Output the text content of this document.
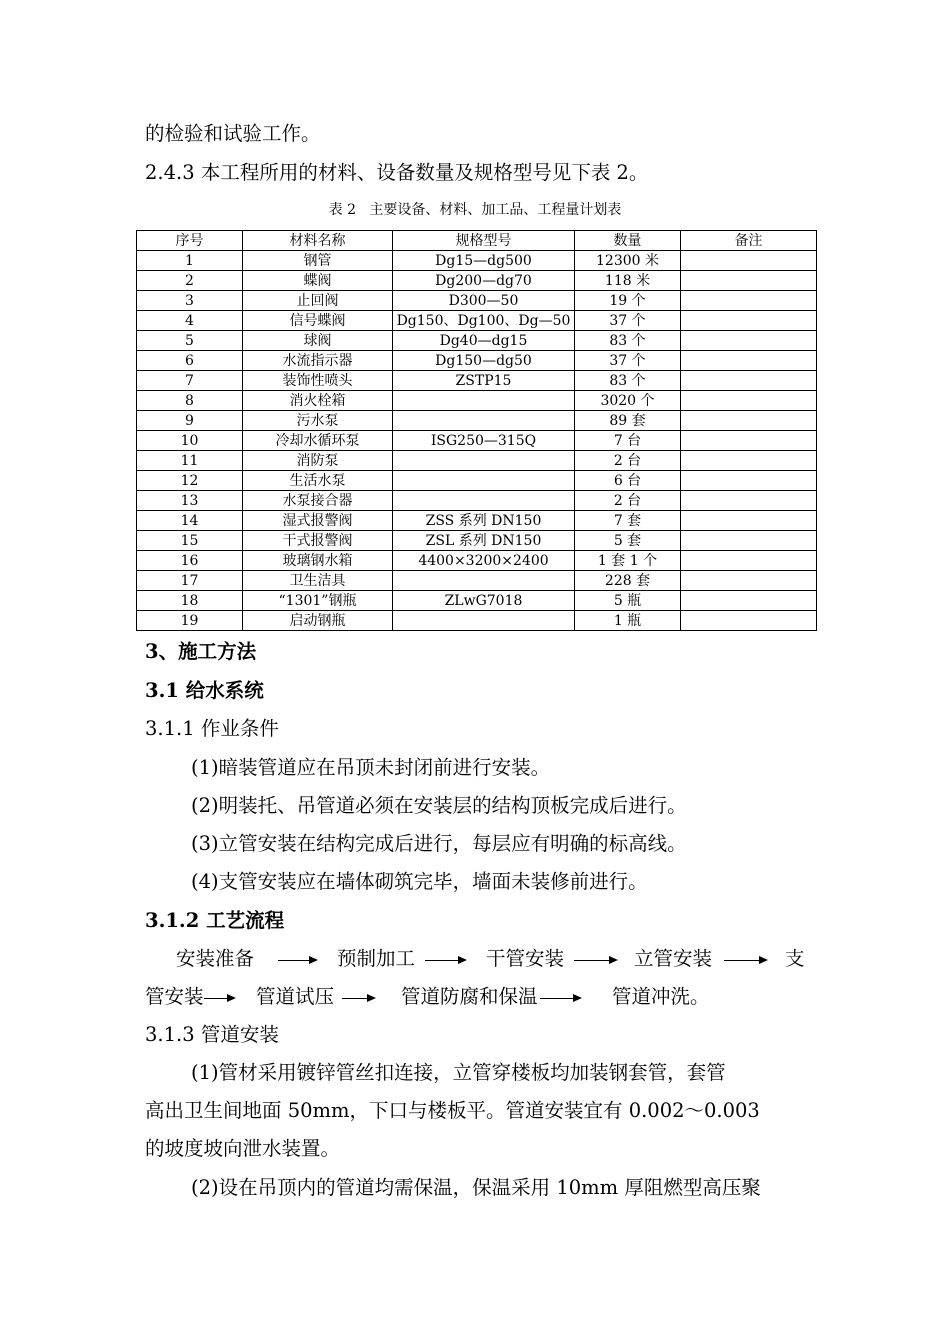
的检验和试验工作。
2.4.3 本工程所用的材料、设备数量及规格型号见下表 2。
表 2   主要设备、材料、加工品、工程量计划表
序号	材料名称	规格型号	数量	备注
1	钢管	Dg15—dg500	12300 米	
2	蝶阀	Dg200—dg70	118 米	
3	止回阀	D300—50	19 个	
4	信号蝶阀	Dg150、Dg100、Dg—50	37 个	
5	球阀	Dg40—dg15	83 个	
6	水流指示器	Dg150—dg50	37 个	
7	装饰性喷头	ZSTP15	83 个	
8	消火栓箱		3020 个	
9	污水泵		89 套	
10	冷却水循环泵	ISG250—315Q	7 台	
11	消防泵		2 台	
12	生活水泵		6 台	
13	水泵接合器		2 台	
14	湿式报警阀	ZSS 系列 DN150	7 套	
15	干式报警阀	ZSL 系列 DN150	5 套	
16	玻璃钢水箱	4400×3200×2400	1 套 1 个	
17	卫生洁具		228 套	
18	“1301”钢瓶	ZLwG7018	5 瓶	
19	启动钢瓶		1 瓶	
3、施工方法
3.1 给水系统
3.1.1 作业条件
(1)暗装管道应在吊顶未封闭前进行安装。
(2)明装托、吊管道必须在安装层的结构顶板完成后进行。
(3)立管安装在结构完成后进行，每层应有明确的标高线。
(4)支管安装应在墙体砌筑完毕，墙面未装修前进行。
3.1.2 工艺流程
安装准备	预制加工	干管安装	立管安装	支
管安装	管道试压	管道防腐和保温	管道冲洗。
3.1.3 管道安装
(1)管材采用镀锌管丝扣连接，立管穿楼板均加装钢套管，套管
高出卫生间地面 50mm，下口与楼板平。管道安装宜有 0.002～0.003
的坡度坡向泄水装置。
(2)设在吊顶内的管道均需保温，保温采用 10mm 厚阻燃型高压聚
